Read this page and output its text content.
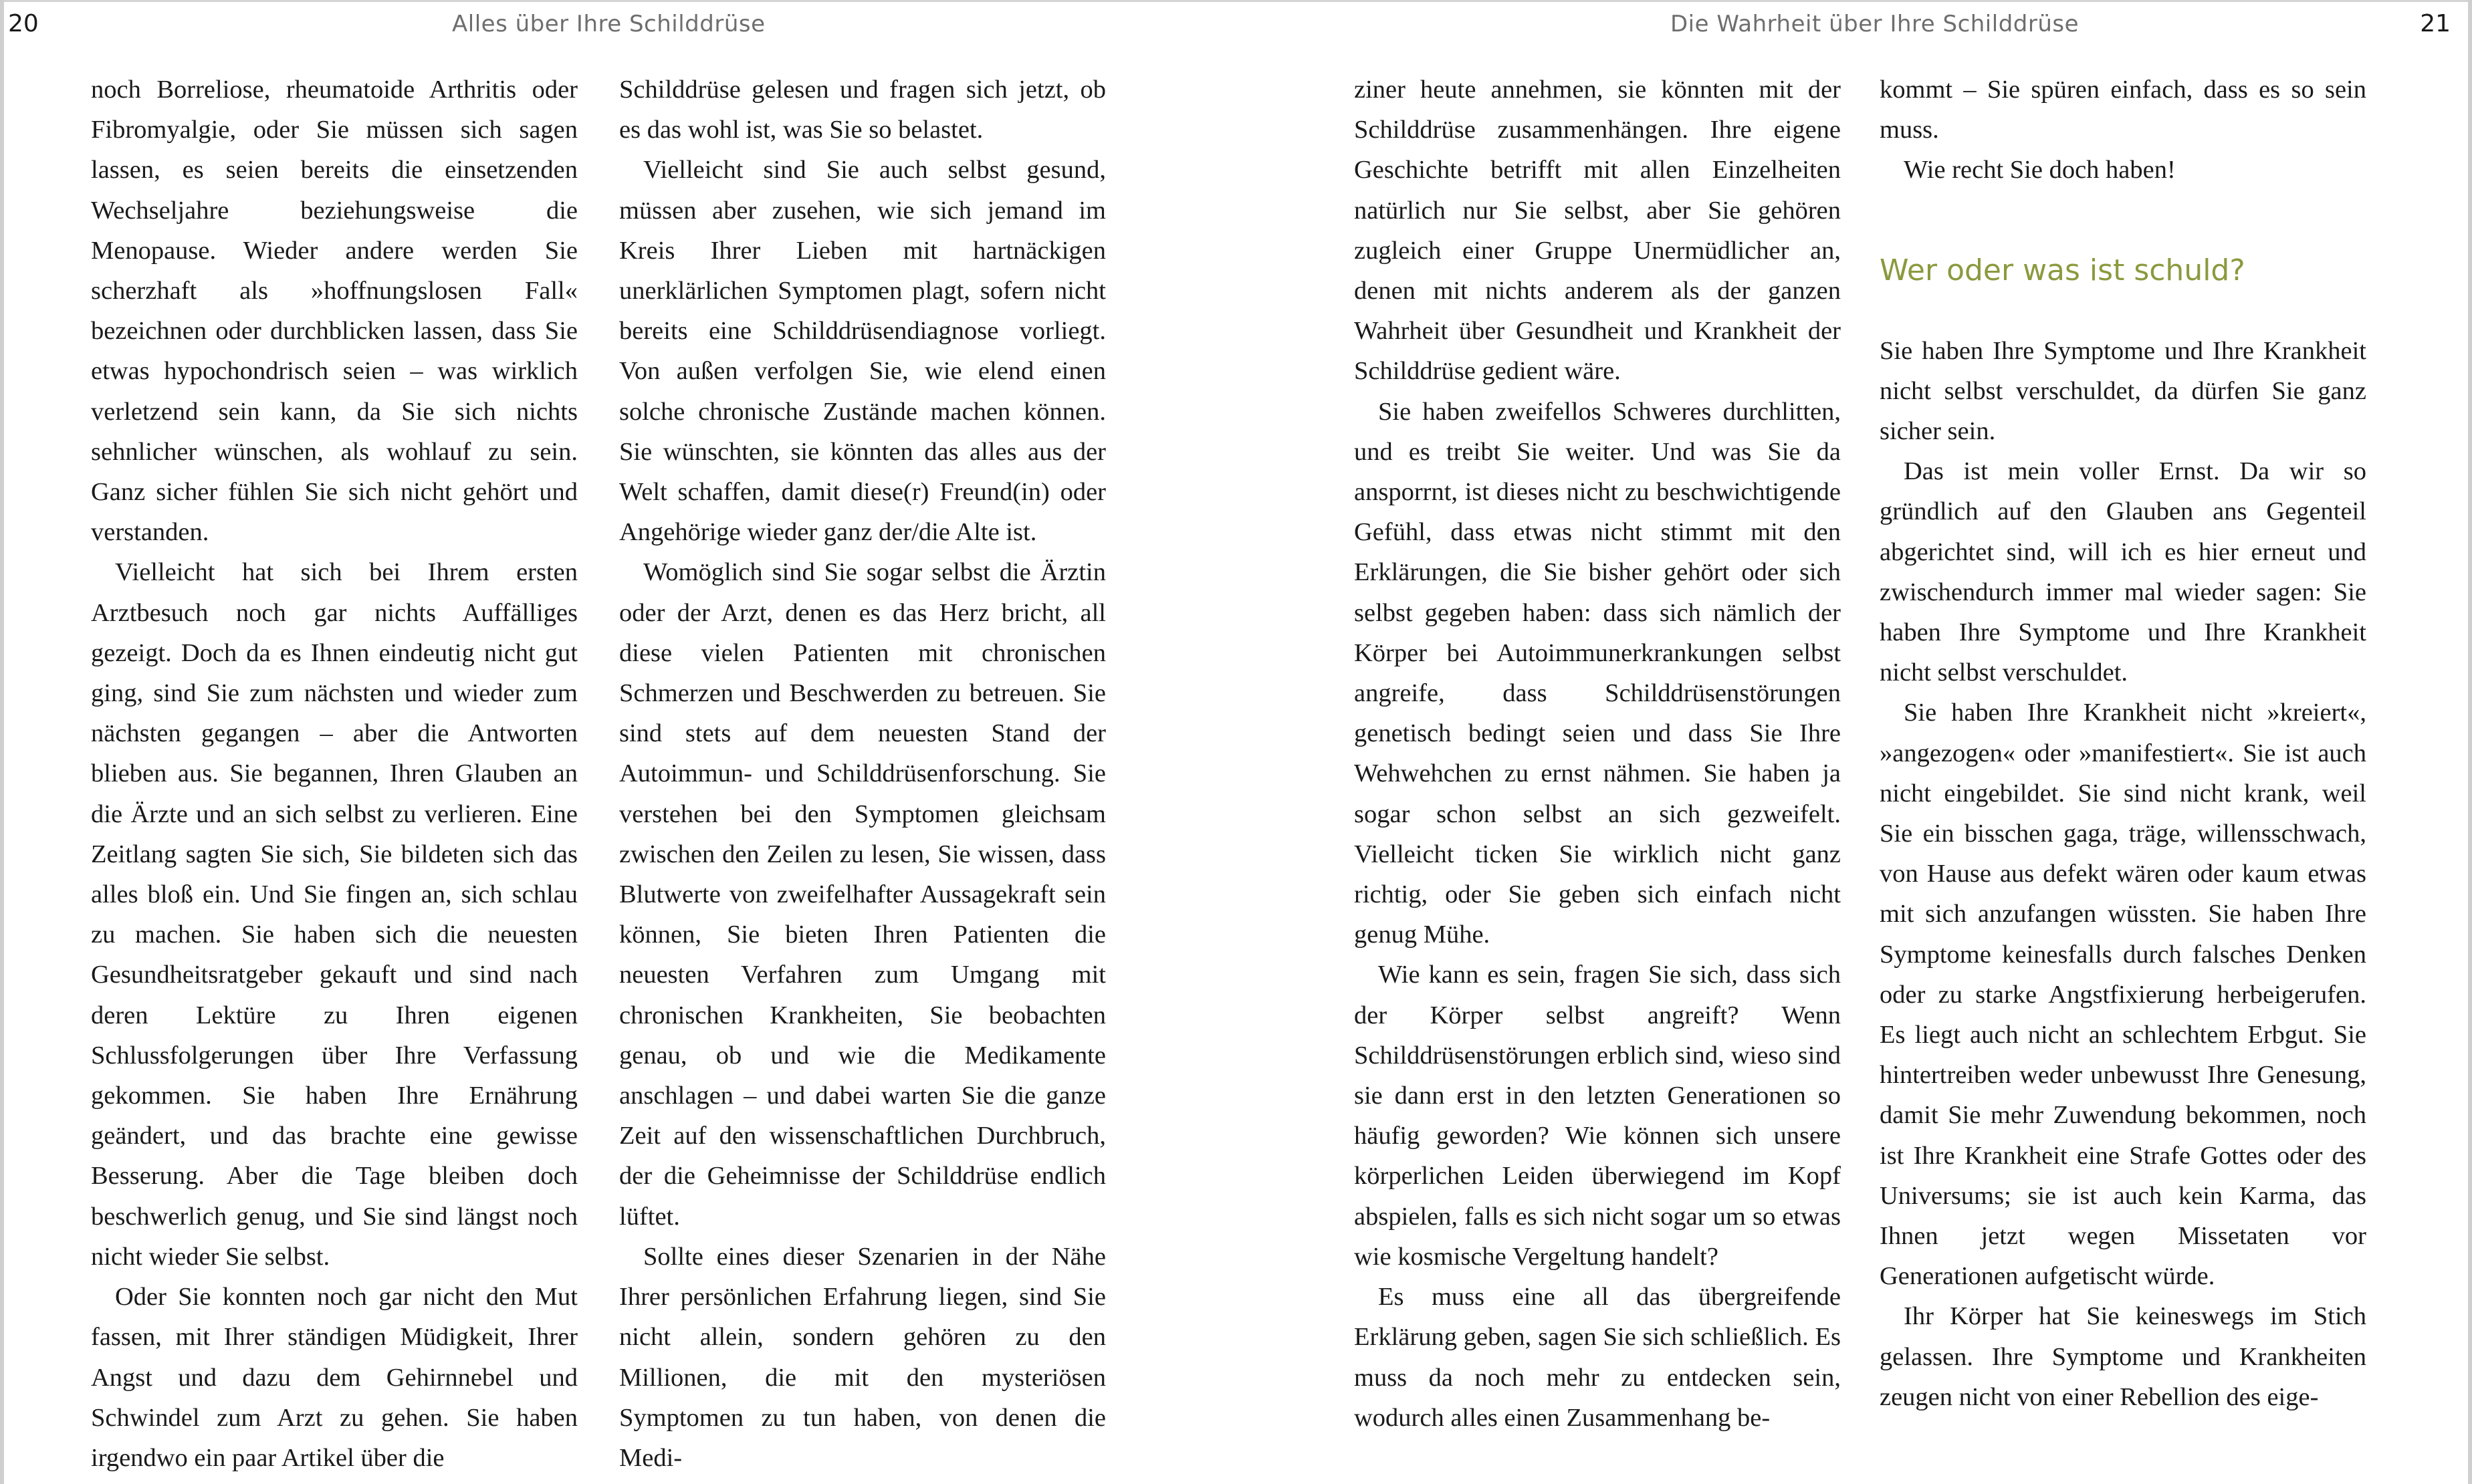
20	Alles über Ihre Schilddrüse

noch Borreliose, rheumatoide Arthritis oder Fibromyalgie, oder Sie müssen sich sagen lassen, es seien bereits die einsetzenden Wechseljahre beziehungsweise die Menopause. Wieder andere werden Sie scherzhaft als »hoffnungslosen Fall« bezeichnen oder durchblicken lassen, dass Sie etwas hypochondrisch seien – was wirklich verletzend sein kann, da Sie sich nichts sehnlicher wünschen, als wohlauf zu sein. Ganz sicher fühlen Sie sich nicht gehört und verstanden.

Vielleicht hat sich bei Ihrem ersten Arztbesuch noch gar nichts Auffälliges gezeigt. Doch da es Ihnen eindeutig nicht gut ging, sind Sie zum nächsten und wieder zum nächsten gegangen – aber die Antworten blieben aus. Sie begannen, Ihren Glauben an die Ärzte und an sich selbst zu verlieren. Eine Zeitlang sagten Sie sich, Sie bildeten sich das alles bloß ein. Und Sie fingen an, sich schlau zu machen. Sie haben sich die neuesten Gesundheitsratgeber gekauft und sind nach deren Lektüre zu Ihren eigenen Schlussfolgerungen über Ihre Verfassung gekommen. Sie haben Ihre Ernährung geändert, und das brachte eine gewisse Besserung. Aber die Tage bleiben doch beschwerlich genug, und Sie sind längst noch nicht wieder Sie selbst.

Oder Sie konnten noch gar nicht den Mut fassen, mit Ihrer ständigen Müdigkeit, Ihrer Angst und dazu dem Gehirnnebel und Schwindel zum Arzt zu gehen. Sie haben irgendwo ein paar Artikel über die

Schilddrüse gelesen und fragen sich jetzt, ob es das wohl ist, was Sie so belastet.

Vielleicht sind Sie auch selbst gesund, müssen aber zusehen, wie sich jemand im Kreis Ihrer Lieben mit hartnäckigen unerklärlichen Symptomen plagt, sofern nicht bereits eine Schilddrüsendiagnose vorliegt. Von außen verfolgen Sie, wie elend einen solche chronische Zustände machen können. Sie wünschten, sie könnten das alles aus der Welt schaffen, damit diese(r) Freund(in) oder Angehörige wieder ganz der/die Alte ist.

Womöglich sind Sie sogar selbst die Ärztin oder der Arzt, denen es das Herz bricht, all diese vielen Patienten mit chronischen Schmerzen und Beschwerden zu betreuen. Sie sind stets auf dem neuesten Stand der Autoimmun- und Schilddrüsenforschung. Sie verstehen bei den Symptomen gleichsam zwischen den Zeilen zu lesen, Sie wissen, dass Blutwerte von zweifelhafter Aussagekraft sein können, Sie bieten Ihren Patienten die neuesten Verfahren zum Umgang mit chronischen Krankheiten, Sie beobachten genau, ob und wie die Medikamente anschlagen – und dabei warten Sie die ganze Zeit auf den wissenschaftlichen Durchbruch, der die Geheimnisse der Schilddrüse endlich lüftet.

Sollte eines dieser Szenarien in der Nähe Ihrer persönlichen Erfahrung liegen, sind Sie nicht allein, sondern gehören zu den Millionen, die mit den mysteriösen Symptomen zu tun haben, von denen die Medi-

Die Wahrheit über Ihre Schilddrüse	21

ziner heute annehmen, sie könnten mit der Schilddrüse zusammenhängen. Ihre eigene Geschichte betrifft mit allen Einzelheiten natürlich nur Sie selbst, aber Sie gehören zugleich einer Gruppe Unermüdlicher an, denen mit nichts anderem als der ganzen Wahrheit über Gesundheit und Krankheit der Schilddrüse gedient wäre.

Sie haben zweifellos Schweres durchlitten, und es treibt Sie weiter. Und was Sie da ansporrnt, ist dieses nicht zu beschwichtigende Gefühl, dass etwas nicht stimmt mit den Erklärungen, die Sie bisher gehört oder sich selbst gegeben haben: dass sich nämlich der Körper bei Autoimmunerkrankungen selbst angreife, dass Schilddrüsenstörungen genetisch bedingt seien und dass Sie Ihre Wehwehchen zu ernst nähmen. Sie haben ja sogar schon selbst an sich gezweifelt. Vielleicht ticken Sie wirklich nicht ganz richtig, oder Sie geben sich einfach nicht genug Mühe.

Wie kann es sein, fragen Sie sich, dass sich der Körper selbst angreift? Wenn Schilddrüsenstörungen erblich sind, wieso sind sie dann erst in den letzten Generationen so häufig geworden? Wie können sich unsere körperlichen Leiden überwiegend im Kopf abspielen, falls es sich nicht sogar um so etwas wie kosmische Vergeltung handelt?

Es muss eine all das übergreifende Erklärung geben, sagen Sie sich schließlich. Es muss da noch mehr zu entdecken sein, wodurch alles einen Zusammenhang be-

kommt – Sie spüren einfach, dass es so sein muss.

Wie recht Sie doch haben!

Wer oder was ist schuld?

Sie haben Ihre Symptome und Ihre Krankheit nicht selbst verschuldet, da dürfen Sie ganz sicher sein.

Das ist mein voller Ernst. Da wir so gründlich auf den Glauben ans Gegenteil abgerichtet sind, will ich es hier erneut und zwischendurch immer mal wieder sagen: Sie haben Ihre Symptome und Ihre Krankheit nicht selbst verschuldet.

Sie haben Ihre Krankheit nicht »kreiert«, »angezogen« oder »manifestiert«. Sie ist auch nicht eingebildet. Sie sind nicht krank, weil Sie ein bisschen gaga, träge, willensschwach, von Hause aus defekt wären oder kaum etwas mit sich anzufangen wüssten. Sie haben Ihre Symptome keinesfalls durch falsches Denken oder zu starke Angstfixierung herbeigerufen. Es liegt auch nicht an schlechtem Erbgut. Sie hintertreiben weder unbewusst Ihre Genesung, damit Sie mehr Zuwendung bekommen, noch ist Ihre Krankheit eine Strafe Gottes oder des Universums; sie ist auch kein Karma, das Ihnen jetzt wegen Missetaten vor Generationen aufgetischt würde.

Ihr Körper hat Sie keineswegs im Stich gelassen. Ihre Symptome und Krankheiten zeugen nicht von einer Rebellion des eige-
